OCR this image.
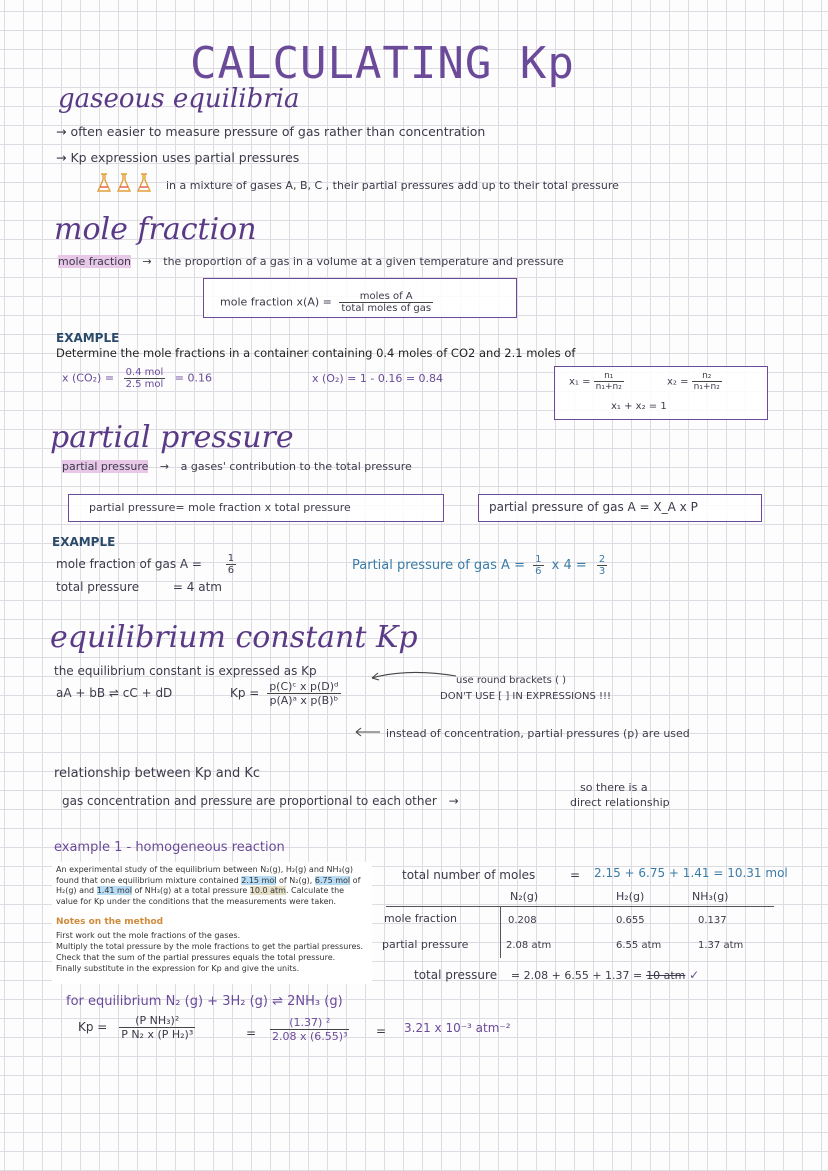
CALCULATING Kp
gaseous equilibria
→ often easier to measure pressure of gas rather than concentration
→ Kp expression uses partial pressures
in a mixture of gases A, B, C , their partial pressures add up to their total pressure
mole fraction
mole fraction → the proportion of a gas in a volume at a given temperature and pressure
mole fraction $x(A) = \frac{\text{moles of A}}{\text{total moles of gas}}$
EXAMPLE
Determine the mole fractions in a container containing 0.4 moles of CO2 and 2.1 moles of
x $(CO_2) = \frac{\text{0.4 mol}}{\text{2.5 mol}} = 0.16$	x (O₂) = 1 - 0.16 = 0.84	$x_1 = \frac{\text{n₁}}{\text{n₁+n₂}}$	$x_2 = \frac{\text{n₂}}{\text{n₁+n₂}}$
x₁ + x₂ = 1
partial pressure
partial pressure → a gases' contribution to the total pressure
partial pressure= mole fraction x total pressure	partial pressure of gas A = X_A x P
EXAMPLE
mole fraction of gas $A = \frac{1}{6}$
total pressure	= 4 atm
Partial pressure of gas $A = \frac{1}{6}$ x $4 = \frac{2}{3}$
equilibrium constant Kp
the equilibrium constant is expressed as Kp
aA + bB ⇌ cC + dD	$Kp = \frac{\text{p(C)ᶜ x p(D)ᵈ}}{\text{p(A)ᵃ x p(B)ᵇ}}$	use round brackets ( )
DON'T USE [ ] IN EXPRESSIONS !!!
instead of concentration, partial pressures (p) are used
relationship between Kp and Kc
gas concentration and pressure are proportional to each other →
so there is a
direct relationship
example 1 - homogeneous reaction
An experimental study of the equilibrium between N₂(g), H₂(g) and NH₃(g) found that one equilibrium mixture contained 2.15 mol of N₂(g), 6.75 mol of H₂(g) and 1.41 mol of NH₃(g) at a total pressure 10.0 atm. Calculate the value for Kp under the conditions that the measurements were taken.
Notes on the method
First work out the mole fractions of the gases.
Multiply the total pressure by the mole fractions to get the partial pressures.
Check that the sum of the partial pressures equals the total pressure.
Finally substitute in the expression for Kp and give the units.
total number of moles	= 2.15 + 6.75 + 1.41 = 10.31 mol
N₂(g)	H₂(g)	NH₃(g)
mole fraction	0.208	0.655	0.137
partial pressure	2.08 atm	6.55 atm	1.37 atm
total pressure = 2.08 + 6.55 + 1.37 = 10 atm ✓
for equilibrium N₂ (g) + 3H₂ (g) ⇌ 2NH₃ (g)
$Kp = \frac{\text{(P NH₃)²}}{\text{P N₂ x (P H₂)³}}$	= $\frac{\text{(1.37) ²}}{\text{2.08 x (6.55)³}} = 3.21$ x 10⁻³ atm⁻²
